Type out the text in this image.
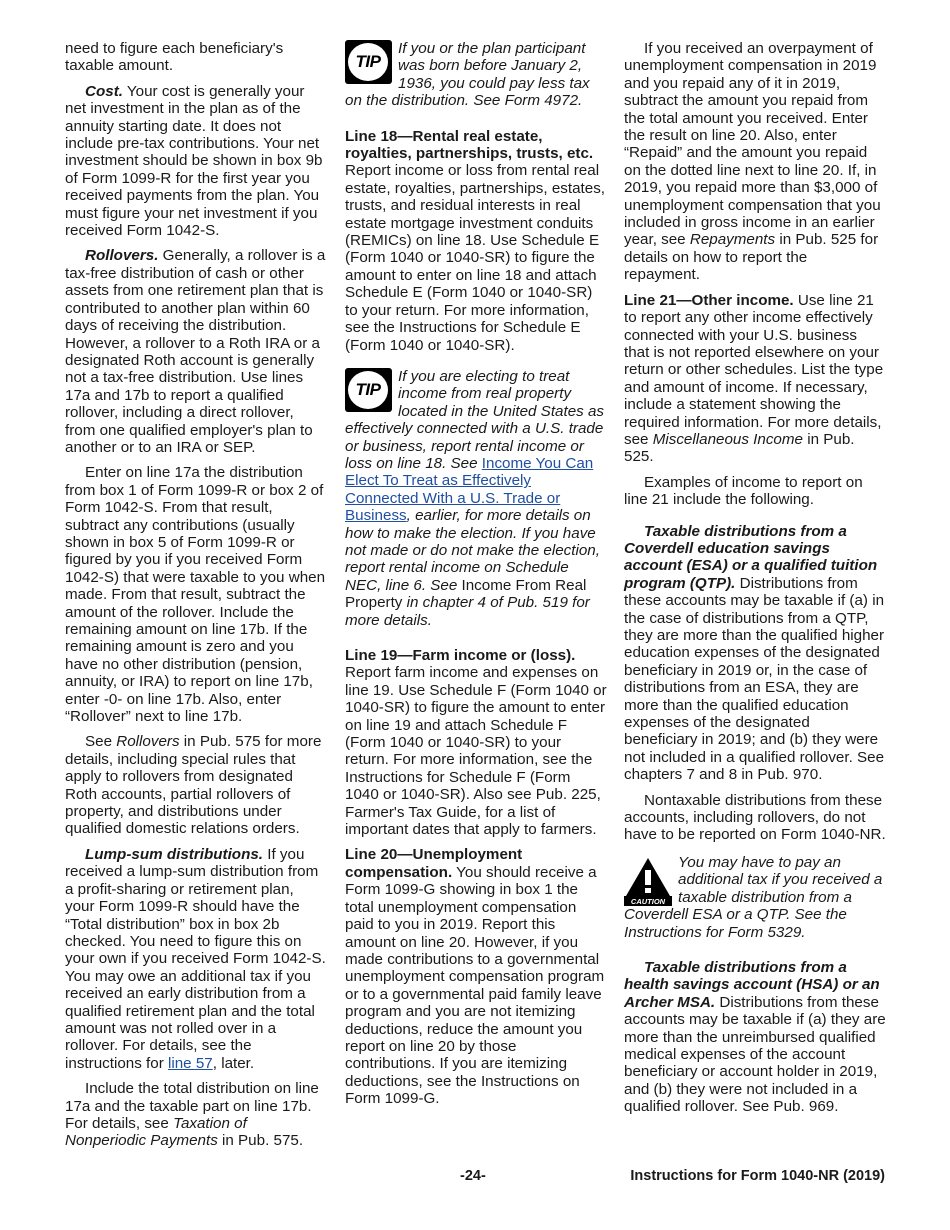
need to figure each beneficiary's taxable amount.

Cost. Your cost is generally your net investment in the plan as of the annuity starting date. It does not include pre-tax contributions. Your net investment should be shown in box 9b of Form 1099-R for the first year you received payments from the plan. You must figure your net investment if you received Form 1042-S.

Rollovers. Generally, a rollover is a tax-free distribution of cash or other assets from one retirement plan that is contributed to another plan within 60 days of receiving the distribution. However, a rollover to a Roth IRA or a designated Roth account is generally not a tax-free distribution. Use lines 17a and 17b to report a qualified rollover, including a direct rollover, from one qualified employer's plan to another or to an IRA or SEP.

Enter on line 17a the distribution from box 1 of Form 1099-R or box 2 of Form 1042-S. From that result, subtract any contributions (usually shown in box 5 of Form 1099-R or figured by you if you received Form 1042-S) that were taxable to you when made. From that result, subtract the amount of the rollover. Include the remaining amount on line 17b. If the remaining amount is zero and you have no other distribution (pension, annuity, or IRA) to report on line 17b, enter -0- on line 17b. Also, enter “Rollover” next to line 17b.

See Rollovers in Pub. 575 for more details, including special rules that apply to rollovers from designated Roth accounts, partial rollovers of property, and distributions under qualified domestic relations orders.

Lump-sum distributions. If you received a lump-sum distribution from a profit-sharing or retirement plan, your Form 1099-R should have the “Total distribution” box in box 2b checked. You need to figure this on your own if you received Form 1042-S. You may owe an additional tax if you received an early distribution from a qualified retirement plan and the total amount was not rolled over in a rollover. For details, see the instructions for line 57, later.

Include the total distribution on line 17a and the taxable part on line 17b. For details, see Taxation of Nonperiodic Payments in Pub. 575.

TIP
If you or the plan participant was born before January 2, 1936, you could pay less tax on the distribution. See Form 4972.

Line 18—Rental real estate, royalties, partnerships, trusts, etc.

Report income or loss from rental real estate, royalties, partnerships, estates, trusts, and residual interests in real estate mortgage investment conduits (REMICs) on line 18. Use Schedule E (Form 1040 or 1040-SR) to figure the amount to enter on line 18 and attach Schedule E (Form 1040 or 1040-SR) to your return. For more information, see the Instructions for Schedule E (Form 1040 or 1040-SR).

TIP
If you are electing to treat income from real property located in the United States as effectively connected with a U.S. trade or business, report rental income or loss on line 18. See Income You Can Elect To Treat as Effectively Connected With a U.S. Trade or Business, earlier, for more details on how to make the election. If you have not made or do not make the election, report rental income on Schedule NEC, line 6. See Income From Real Property in chapter 4 of Pub. 519 for more details.

Line 19—Farm income or (loss).

Report farm income and expenses on line 19. Use Schedule F (Form 1040 or 1040-SR) to figure the amount to enter on line 19 and attach Schedule F (Form 1040 or 1040-SR) to your return. For more information, see the Instructions for Schedule F (Form 1040 or 1040-SR). Also see Pub. 225, Farmer's Tax Guide, for a list of important dates that apply to farmers.

Line 20—Unemployment compensation. You should receive a Form 1099-G showing in box 1 the total unemployment compensation paid to you in 2019. Report this amount on line 20. However, if you made contributions to a governmental unemployment compensation program or to a governmental paid family leave program and you are not itemizing deductions, reduce the amount you report on line 20 by those contributions. If you are itemizing deductions, see the Instructions on Form 1099-G.

If you received an overpayment of unemployment compensation in 2019 and you repaid any of it in 2019, subtract the amount you repaid from the total amount you received. Enter the result on line 20. Also, enter “Repaid” and the amount you repaid on the dotted line next to line 20. If, in 2019, you repaid more than $3,000 of unemployment compensation that you included in gross income in an earlier year, see Repayments in Pub. 525 for details on how to report the repayment.

Line 21—Other income. Use line 21 to report any other income effectively connected with your U.S. business that is not reported elsewhere on your return or other schedules. List the type and amount of income. If necessary, include a statement showing the required information. For more details, see Miscellaneous Income in Pub. 525.

Examples of income to report on line 21 include the following.

Taxable distributions from a Coverdell education savings account (ESA) or a qualified tuition program (QTP). Distributions from these accounts may be taxable if (a) in the case of distributions from a QTP, they are more than the qualified higher education expenses of the designated beneficiary in 2019 or, in the case of distributions from an ESA, they are more than the qualified education expenses of the designated beneficiary in 2019; and (b) they were not included in a qualified rollover. See chapters 7 and 8 in Pub. 970.

Nontaxable distributions from these accounts, including rollovers, do not have to be reported on Form 1040-NR.

CAUTION
You may have to pay an additional tax if you received a taxable distribution from a Coverdell ESA or a QTP. See the Instructions for Form 5329.

Taxable distributions from a health savings account (HSA) or an Archer MSA. Distributions from these accounts may be taxable if (a) they are more than the unreimbursed qualified medical expenses of the account beneficiary or account holder in 2019, and (b) they were not included in a qualified rollover. See Pub. 969.

-24-	Instructions for Form 1040-NR (2019)
